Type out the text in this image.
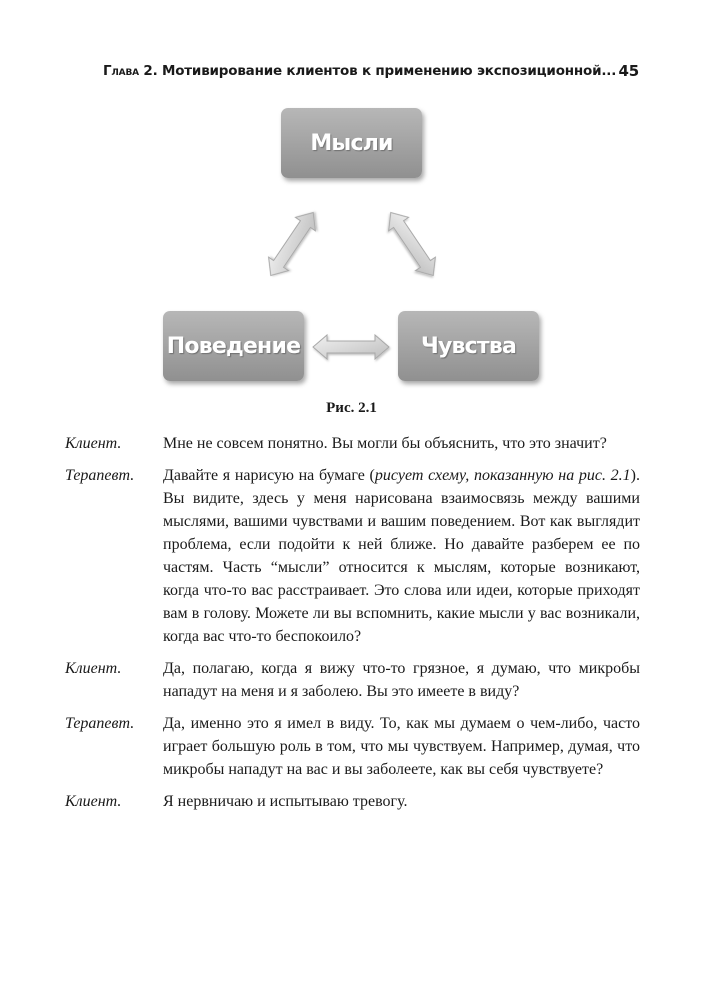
Глава 2. Мотивирование клиентов к применению экспозиционной... 45
Мысли
Поведение	Чувства
Рис. 2.1
Клиент.	Мне не совсем понятно. Вы могли бы объяснить, что это значит?
Терапевт.	Давайте я нарисую на бумаге (рисует схему, показанную на рис. 2.1). Вы видите, здесь у меня нарисована взаимосвязь между вашими мыслями, вашими чувствами и вашим поведением. Вот как выглядит проблема, если подойти к ней ближе. Но давайте разберем ее по частям. Часть “мысли” относится к мыслям, которые возникают, когда что-то вас расстраивает. Это слова или идеи, которые приходят вам в голову. Можете ли вы вспомнить, какие мысли у вас возникали, когда вас что-то беспокоило?
Клиент.	Да, полагаю, когда я вижу что-то грязное, я думаю, что микробы нападут на меня и я заболею. Вы это имеете в виду?
Терапевт.	Да, именно это я имел в виду. То, как мы думаем о чем-либо, часто играет большую роль в том, что мы чувствуем. Например, думая, что микробы нападут на вас и вы заболеете, как вы себя чувствуете?
Клиент.	Я нервничаю и испытываю тревогу.
